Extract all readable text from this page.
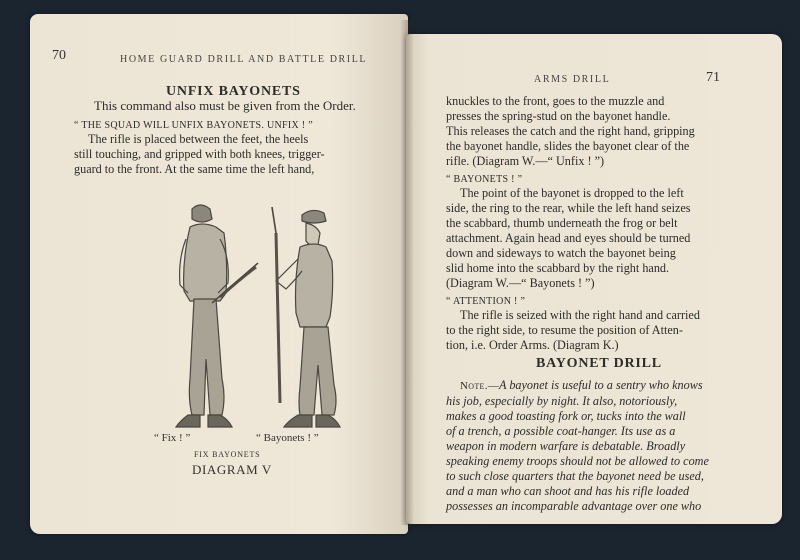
70	HOME GUARD DRILL AND BATTLE DRILL
UNFIX BAYONETS
This command also must be given from the Order.
“ THE SQUAD WILL UNFIX BAYONETS. UNFIX ! ”
The rifle is placed between the feet, the heels
still touching, and gripped with both knees, trigger-
guard to the front. At the same time the left hand,
“ Fix ! ”	“ Bayonets ! ”
FIX BAYONETS
DIAGRAM V
ARMS DRILL	71
knuckles to the front, goes to the muzzle and
presses the spring-stud on the bayonet handle.
This releases the catch and the right hand, gripping
the bayonet handle, slides the bayonet clear of the
rifle. (Diagram W.—“ Unfix ! ”)
“ BAYONETS ! ”
The point of the bayonet is dropped to the left
side, the ring to the rear, while the left hand seizes
the scabbard, thumb underneath the frog or belt
attachment. Again head and eyes should be turned
down and sideways to watch the bayonet being
slid home into the scabbard by the right hand.
(Diagram W.—“ Bayonets ! ”)
“ ATTENTION ! ”
The rifle is seized with the right hand and carried
to the right side, to resume the position of Atten-
tion, i.e. Order Arms. (Diagram K.)
BAYONET DRILL
Note.—A bayonet is useful to a sentry who knows
his job, especially by night. It also, notoriously,
makes a good toasting fork or, tucks into the wall
of a trench, a possible coat-hanger. Its use as a
weapon in modern warfare is debatable. Broadly
speaking enemy troops should not be allowed to come
to such close quarters that the bayonet need be used,
and a man who can shoot and has his rifle loaded
possesses an incomparable advantage over one who
